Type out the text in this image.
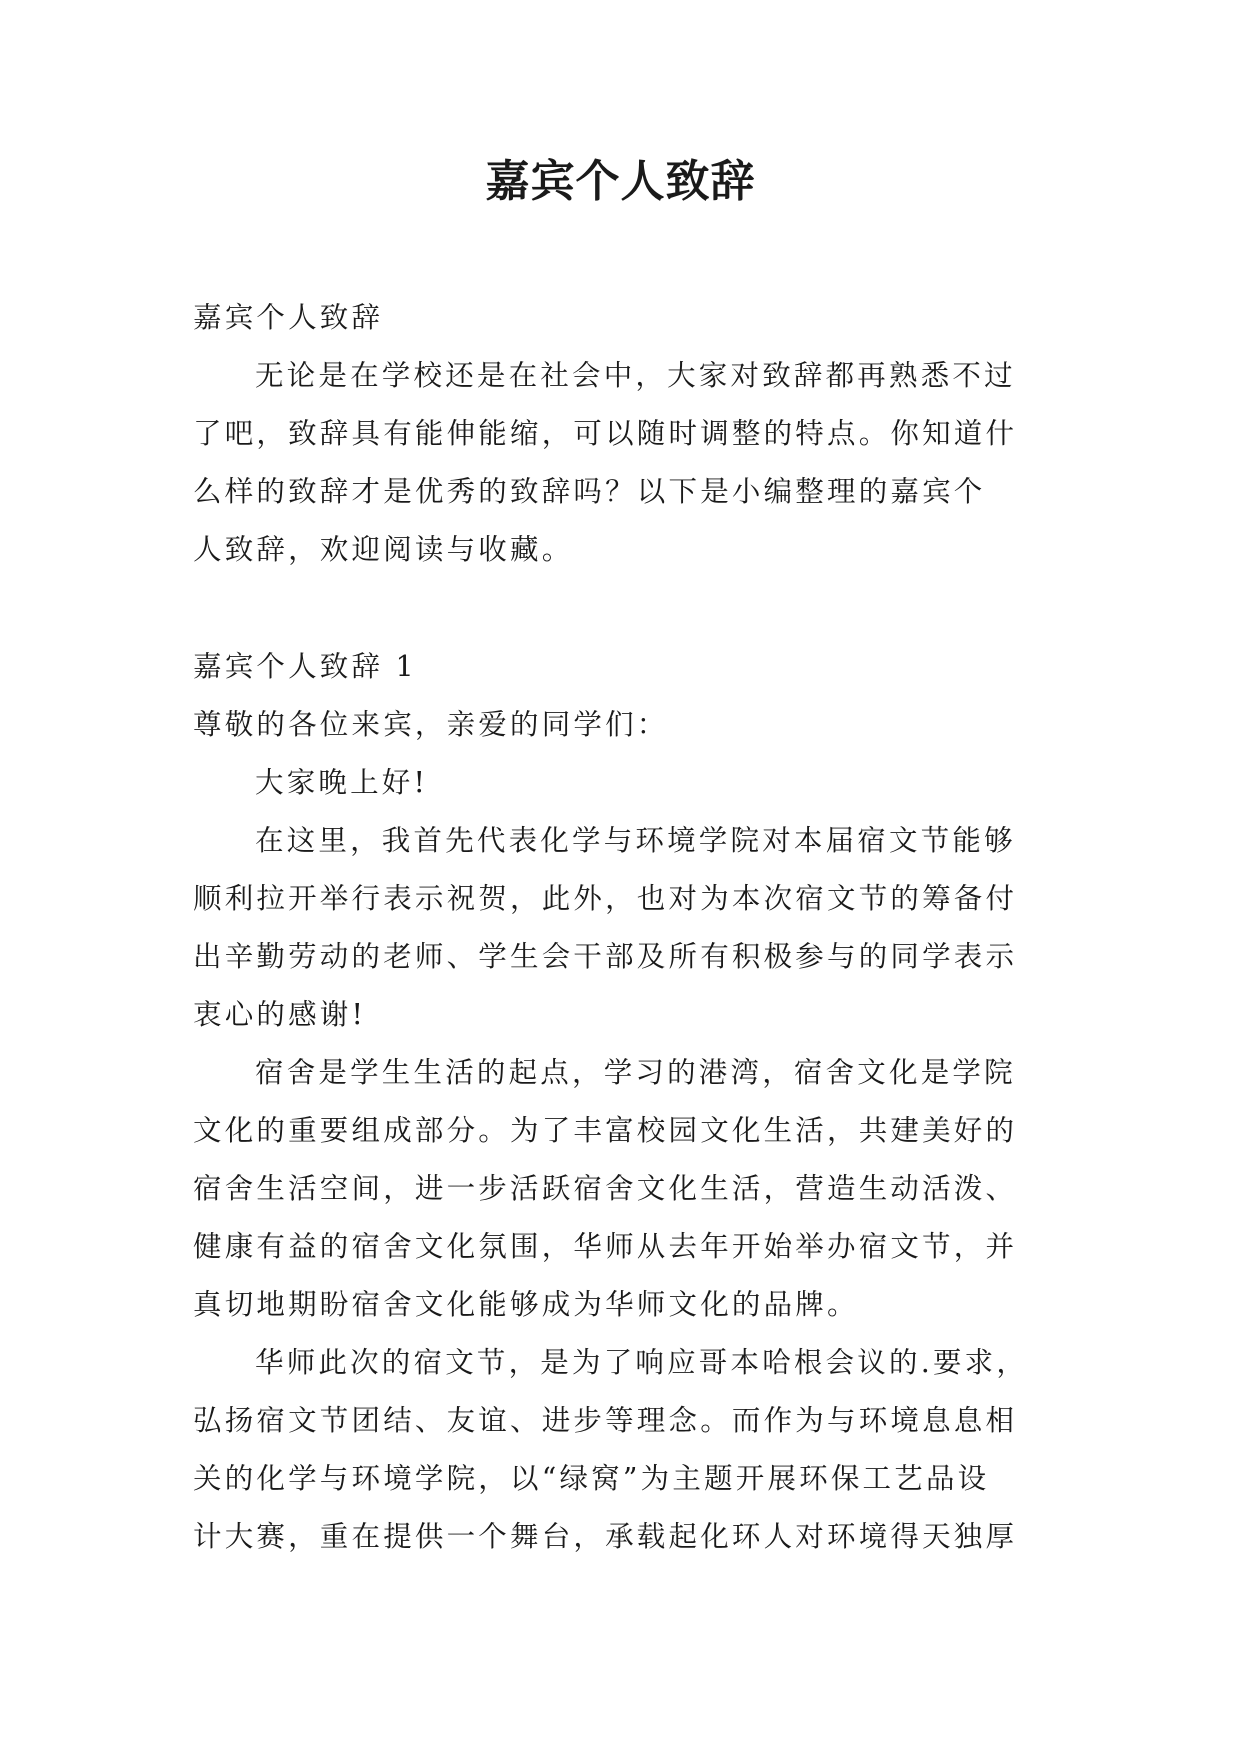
嘉宾个人致辞
嘉宾个人致辞
无论是在学校还是在社会中，大家对致辞都再熟悉不过
了吧，致辞具有能伸能缩，可以随时调整的特点。你知道什
么样的致辞才是优秀的致辞吗？以下是小编整理的嘉宾个
人致辞，欢迎阅读与收藏。
嘉宾个人致辞 1
尊敬的各位来宾，亲爱的同学们：
大家晚上好!
在这里，我首先代表化学与环境学院对本届宿文节能够
顺利拉开举行表示祝贺，此外，也对为本次宿文节的筹备付
出辛勤劳动的老师、学生会干部及所有积极参与的同学表示
衷心的感谢!
宿舍是学生生活的起点，学习的港湾，宿舍文化是学院
文化的重要组成部分。为了丰富校园文化生活，共建美好的
宿舍生活空间，进一步活跃宿舍文化生活，营造生动活泼、
健康有益的宿舍文化氛围，华师从去年开始举办宿文节，并
真切地期盼宿舍文化能够成为华师文化的品牌。
华师此次的宿文节，是为了响应哥本哈根会议的.要求，
弘扬宿文节团结、友谊、进步等理念。而作为与环境息息相
关的化学与环境学院，以“绿窝”为主题开展环保工艺品设
计大赛，重在提供一个舞台，承载起化环人对环境得天独厚
